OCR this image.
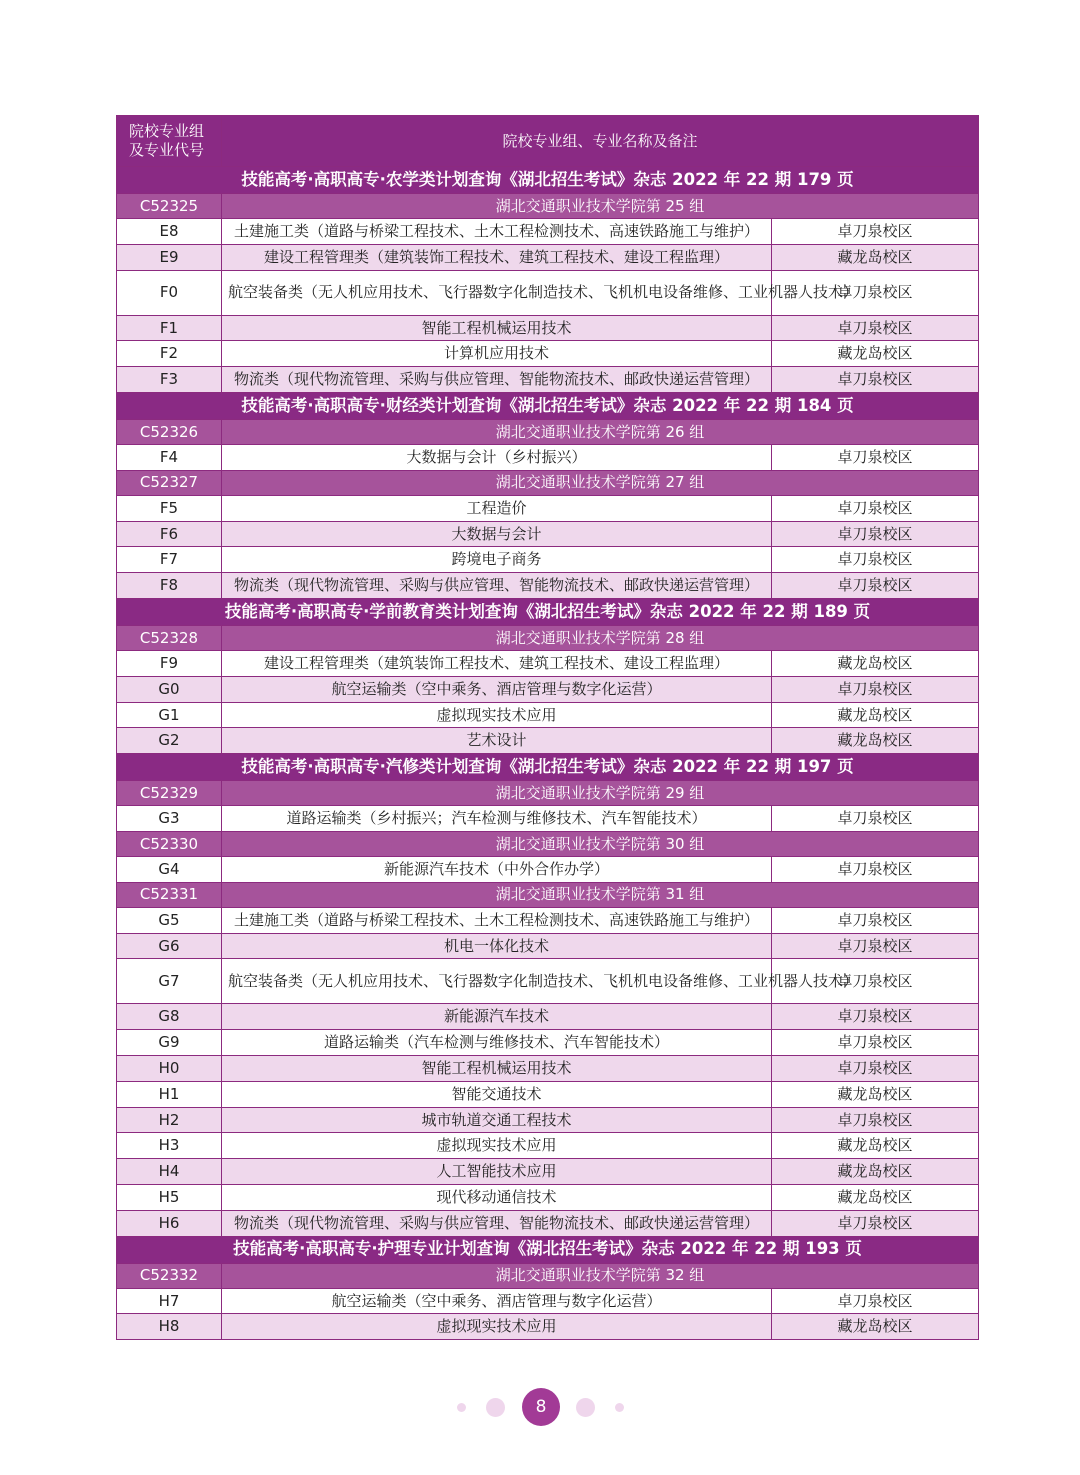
院校专业组
及专业代号	院校专业组、专业名称及备注	
技能高考·高职高专·农学类计划查询《湖北招生考试》杂志 2022 年 22 期 179 页		
C52325	湖北交通职业技术学院第 25 组	
E8	土建施工类（道路与桥梁工程技术、土木工程检测技术、高速铁路施工与维护）	卓刀泉校区
E9	建设工程管理类（建筑装饰工程技术、建筑工程技术、建设工程监理）	藏龙岛校区
F0	航空装备类（无人机应用技术、飞行器数字化制造技术、飞机机电设备维修、工业机器人技术）	卓刀泉校区
F1	智能工程机械运用技术	卓刀泉校区
F2	计算机应用技术	藏龙岛校区
F3	物流类（现代物流管理、采购与供应管理、智能物流技术、邮政快递运营管理）	卓刀泉校区
技能高考·高职高专·财经类计划查询《湖北招生考试》杂志 2022 年 22 期 184 页		
C52326	湖北交通职业技术学院第 26 组	
F4	大数据与会计（乡村振兴）	卓刀泉校区
C52327	湖北交通职业技术学院第 27 组	
F5	工程造价	卓刀泉校区
F6	大数据与会计	卓刀泉校区
F7	跨境电子商务	卓刀泉校区
F8	物流类（现代物流管理、采购与供应管理、智能物流技术、邮政快递运营管理）	卓刀泉校区
技能高考·高职高专·学前教育类计划查询《湖北招生考试》杂志 2022 年 22 期 189 页		
C52328	湖北交通职业技术学院第 28 组	
F9	建设工程管理类（建筑装饰工程技术、建筑工程技术、建设工程监理）	藏龙岛校区
G0	航空运输类（空中乘务、酒店管理与数字化运营）	卓刀泉校区
G1	虚拟现实技术应用	藏龙岛校区
G2	艺术设计	藏龙岛校区
技能高考·高职高专·汽修类计划查询《湖北招生考试》杂志 2022 年 22 期 197 页		
C52329	湖北交通职业技术学院第 29 组	
G3	道路运输类（乡村振兴；汽车检测与维修技术、汽车智能技术）	卓刀泉校区
C52330	湖北交通职业技术学院第 30 组	
G4	新能源汽车技术（中外合作办学）	卓刀泉校区
C52331	湖北交通职业技术学院第 31 组	
G5	土建施工类（道路与桥梁工程技术、土木工程检测技术、高速铁路施工与维护）	卓刀泉校区
G6	机电一体化技术	卓刀泉校区
G7	航空装备类（无人机应用技术、飞行器数字化制造技术、飞机机电设备维修、工业机器人技术）	卓刀泉校区
G8	新能源汽车技术	卓刀泉校区
G9	道路运输类（汽车检测与维修技术、汽车智能技术）	卓刀泉校区
H0	智能工程机械运用技术	卓刀泉校区
H1	智能交通技术	藏龙岛校区
H2	城市轨道交通工程技术	卓刀泉校区
H3	虚拟现实技术应用	藏龙岛校区
H4	人工智能技术应用	藏龙岛校区
H5	现代移动通信技术	藏龙岛校区
H6	物流类（现代物流管理、采购与供应管理、智能物流技术、邮政快递运营管理）	卓刀泉校区
技能高考·高职高专·护理专业计划查询《湖北招生考试》杂志 2022 年 22 期 193 页		
C52332	湖北交通职业技术学院第 32 组	
H7	航空运输类（空中乘务、酒店管理与数字化运营）	卓刀泉校区
H8	虚拟现实技术应用	藏龙岛校区
8
